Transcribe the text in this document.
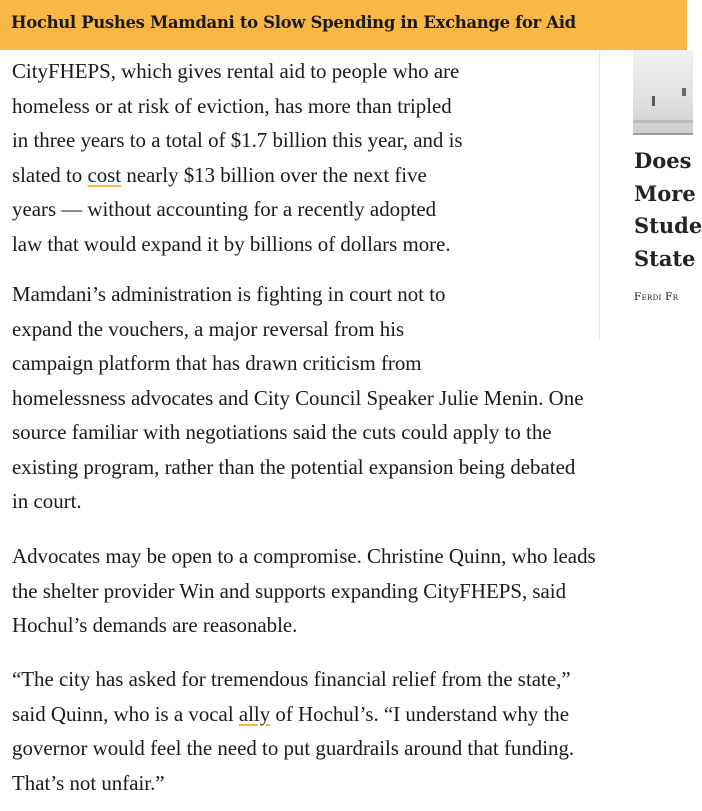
Hochul Pushes Mamdani to Slow Spending in Exchange for Aid
CityFHEPS, which gives rental aid to people who are
homeless or at risk of eviction, has more than tripled
in three years to a total of $1.7 billion this year, and is
slated to cost nearly $13 billion over the next five
years — without accounting for a recently adopted
law that would expand it by billions of dollars more.
Mamdani’s administration is fighting in court not to
expand the vouchers, a major reversal from his
campaign platform that has drawn criticism from
homelessness advocates and City Council Speaker Julie Menin. One
source familiar with negotiations said the cuts could apply to the
existing program, rather than the potential expansion being debated
in court.
Advocates may be open to a compromise. Christine Quinn, who leads
the shelter provider Win and supports expanding CityFHEPS, said
Hochul’s demands are reasonable.
“The city has asked for tremendous financial relief from the state,”
said Quinn, who is a vocal ally of Hochul’s. “I understand why the
governor would feel the need to put guardrails around that funding.
That’s not unfair.”
Does
More
Stude
State
Ferdi Fr
